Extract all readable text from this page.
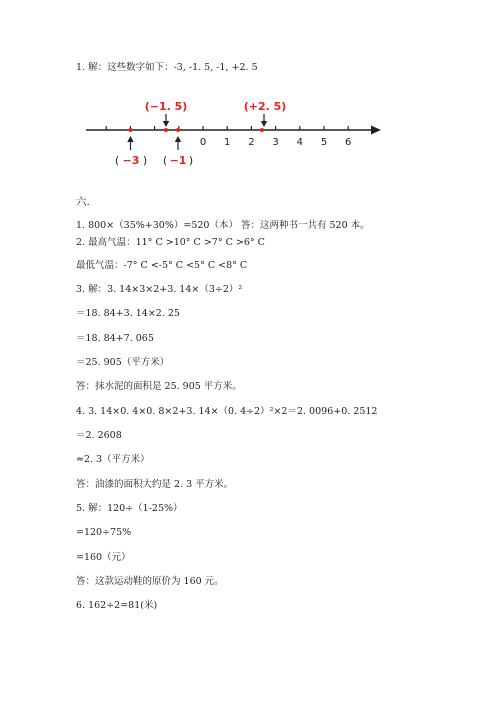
1. 解：这些数字如下：-3, -1. 5, -1, +2. 5
0 1 2 3 4 5 6
(−1. 5)	(+2. 5)
( −3 ) ( −1 )
六.
1. 800×（35%+30%）=520（本） 答：这两种书一共有 520 本。
2. 最高气温：11° C >10° C >7° C >6° C
最低气温：-7° C <-5° C <5° C <8° C
3. 解：3. 14×3×2+3. 14×（3÷2）²
＝18. 84+3. 14×2. 25
＝18. 84+7. 065
＝25. 905（平方米）
答：抹水泥的面积是 25. 905 平方米。
4. 3. 14×0. 4×0. 8×2+3. 14×（0. 4÷2）²×2＝2. 0096+0. 2512
＝2. 2608
≈2. 3（平方米）
答：油漆的面积大约是 2. 3 平方米。
5. 解：120÷（1-25%）
=120÷75%
=160（元）
答：这款运动鞋的原价为 160 元。
6. 162÷2=81(米)
